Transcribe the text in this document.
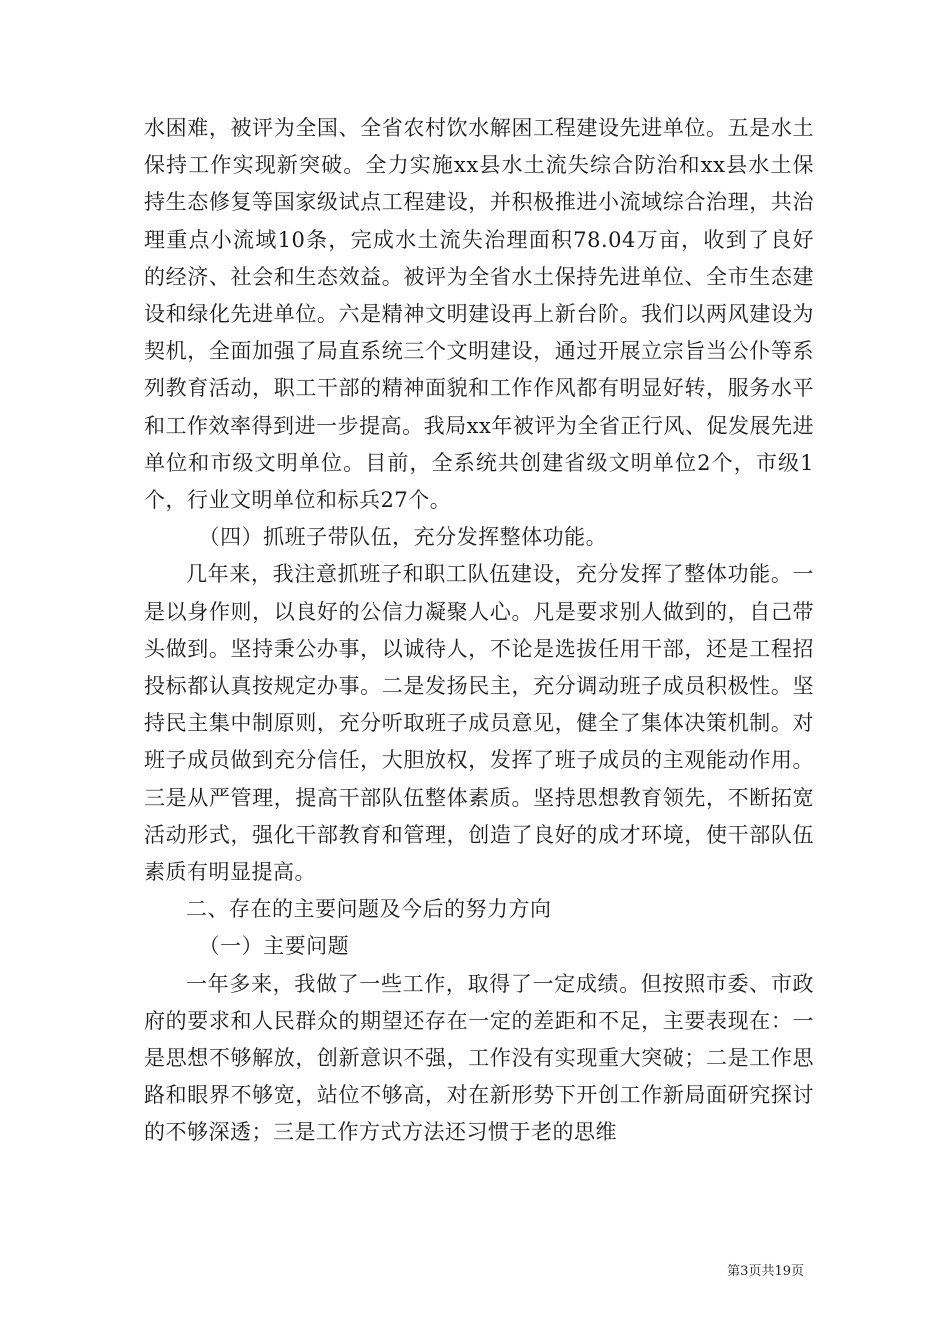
水困难，被评为全国、全省农村饮水解困工程建设先进单位。五是水土保持工作实现新突破。全力实施xx县水土流失综合防治和xx县水土保持生态修复等国家级试点工程建设，并积极推进小流域综合治理，共治理重点小流域10条，完成水土流失治理面积78.04万亩，收到了良好的经济、社会和生态效益。被评为全省水土保持先进单位、全市生态建设和绿化先进单位。六是精神文明建设再上新台阶。我们以两风建设为契机，全面加强了局直系统三个文明建设，通过开展立宗旨当公仆等系列教育活动，职工干部的精神面貌和工作作风都有明显好转，服务水平和工作效率得到进一步提高。我局xx年被评为全省正行风、促发展先进单位和市级文明单位。目前，全系统共创建省级文明单位2个，市级1个，行业文明单位和标兵27个。

（四）抓班子带队伍，充分发挥整体功能。

几年来，我注意抓班子和职工队伍建设，充分发挥了整体功能。一是以身作则，以良好的公信力凝聚人心。凡是要求别人做到的，自己带头做到。坚持秉公办事，以诚待人，不论是选拔任用干部，还是工程招投标都认真按规定办事。二是发扬民主，充分调动班子成员积极性。坚持民主集中制原则，充分听取班子成员意见，健全了集体决策机制。对班子成员做到充分信任，大胆放权，发挥了班子成员的主观能动作用。三是从严管理，提高干部队伍整体素质。坚持思想教育领先，不断拓宽活动形式，强化干部教育和管理，创造了良好的成才环境，使干部队伍素质有明显提高。

二、存在的主要问题及今后的努力方向

（一）主要问题

一年多来，我做了一些工作，取得了一定成绩。但按照市委、市政府的要求和人民群众的期望还存在一定的差距和不足，主要表现在：一是思想不够解放，创新意识不强，工作没有实现重大突破；二是工作思路和眼界不够宽，站位不够高，对在新形势下开创工作新局面研究探讨的不够深透；三是工作方式方法还习惯于老的思维

第3页共19页
